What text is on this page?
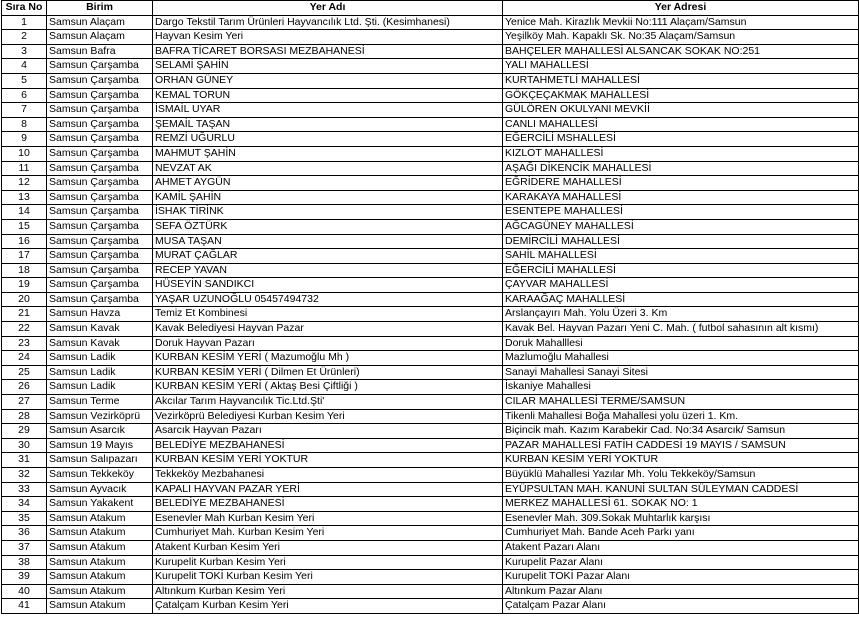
Sıra No	Birim	Yer Adı	Yer Adresi
1	Samsun Alaçam	Dargo Tekstil Tarım Ürünleri Hayvancılık Ltd. Şti. (Kesimhanesi)	Yenice Mah. Kirazlık Mevkii No:111 Alaçam/Samsun
2	Samsun Alaçam	Hayvan Kesim Yeri	Yeşilköy Mah. Kapaklı Sk. No:35 Alaçam/Samsun
3	Samsun Bafra	BAFRA TİCARET BORSASI MEZBAHANESİ	BAHÇELER MAHALLESİ ALSANCAK SOKAK NO:251
4	Samsun Çarşamba	SELAMİ ŞAHİN	YALI MAHALLESİ
5	Samsun Çarşamba	ORHAN GÜNEY	KURTAHMETLİ MAHALLESİ
6	Samsun Çarşamba	KEMAL TORUN	GÖKÇEÇAKMAK MAHALLESİ
7	Samsun Çarşamba	İSMAİL UYAR	GÜLÖREN OKULYANI MEVKİİ
8	Samsun Çarşamba	ŞEMAİL TAŞAN	CANLI MAHALLESİ
9	Samsun Çarşamba	REMZİ UĞURLU	EĞERCİLİ MSHALLESİ
10	Samsun Çarşamba	MAHMUT ŞAHİN	KIZLOT MAHALLESİ
11	Samsun Çarşamba	NEVZAT AK	AŞAĞI DİKENCİK MAHALLESİ
12	Samsun Çarşamba	AHMET AYGÜN	EĞRİDERE MAHALLESİ
13	Samsun Çarşamba	KAMİL ŞAHİN	KARAKAYA MAHALLESİ
14	Samsun Çarşamba	İSHAK TİRİNK	ESENTEPE MAHALLESİ
15	Samsun Çarşamba	SEFA ÖZTÜRK	AĞCAGÜNEY MAHALLESİ
16	Samsun Çarşamba	MUSA TAŞAN	DEMİRCİLİ MAHALLESİ
17	Samsun Çarşamba	MURAT ÇAĞLAR	SAHİL MAHALLESİ
18	Samsun Çarşamba	RECEP YAVAN	EĞERCİLİ MAHALLESİ
19	Samsun Çarşamba	HÜSEYİN SANDIKCI	ÇAYVAR MAHALLESİ
20	Samsun Çarşamba	YAŞAR UZUNOĞLU 05457494732	KARAAĞAÇ MAHALLESİ
21	Samsun Havza	Temiz Et Kombinesi	Arslançayırı Mah. Yolu Üzeri 3. Km
22	Samsun Kavak	Kavak Belediyesi Hayvan Pazar	Kavak Bel. Hayvan Pazarı Yeni C. Mah. ( futbol sahasının alt kısmı)
23	Samsun Kavak	Doruk Hayvan Pazarı	Doruk Mahalllesi
24	Samsun Ladik	KURBAN KESİM YERİ ( Mazumoğlu Mh )	Mazlumoğlu Mahallesi
25	Samsun Ladik	KURBAN KESİM YERİ ( Dilmen Et Ürünleri)	Sanayi Mahallesi Sanayi Sitesi
26	Samsun Ladik	KURBAN KESİM YERİ ( Aktaş Besi Çiftliği )	İskaniye Mahallesi
27	Samsun Terme	Akcılar Tarım Hayvancılık Tic.Ltd.Şti'	CILAR MAHALLESİ TERME/SAMSUN
28	Samsun Vezirköprü	Vezirköprü Belediyesi Kurban Kesim Yeri	Tikenli Mahallesi Boğa Mahallesi yolu üzeri 1. Km.
29	Samsun Asarcık	Asarcık Hayvan Pazarı	Biçincik mah. Kazım Karabekir Cad. No:34 Asarcık/ Samsun
30	Samsun 19 Mayıs	BELEDİYE MEZBAHANESİ	PAZAR MAHALLESİ FATİH CADDESİ 19 MAYIS / SAMSUN
31	Samsun Salıpazarı	KURBAN KESİM YERİ YOKTUR	KURBAN KESİM YERİ YOKTUR
32	Samsun Tekkeköy	Tekkeköy Mezbahanesi	Büyüklü Mahallesi Yazılar Mh. Yolu Tekkeköy/Samsun
33	Samsun Ayvacık	KAPALI HAYVAN PAZAR YERİ	EYÜPSULTAN MAH. KANUNİ SULTAN SÜLEYMAN CADDESİ
34	Samsun Yakakent	BELEDİYE MEZBAHANESİ	MERKEZ MAHALLESİ 61. SOKAK NO: 1
35	Samsun Atakum	Esenevler Mah Kurban Kesim Yeri	Esenevler Mah. 309.Sokak Muhtarlık karşısı
36	Samsun Atakum	Cumhuriyet Mah. Kurban Kesim Yeri	Cumhuriyet Mah. Bande Aceh Parkı yanı
37	Samsun Atakum	Atakent Kurban Kesim Yeri	Atakent Pazarı Alanı
38	Samsun Atakum	Kurupelit Kurban Kesim Yeri	Kurupelit Pazar Alanı
39	Samsun Atakum	Kurupelit TOKİ Kurban Kesim Yeri	Kurupelit TOKİ Pazar Alanı
40	Samsun Atakum	Altınkum Kurban Kesim Yeri	Altınkum Pazar Alanı
41	Samsun Atakum	Çatalçam Kurban Kesim Yeri	Çatalçam Pazar Alanı
